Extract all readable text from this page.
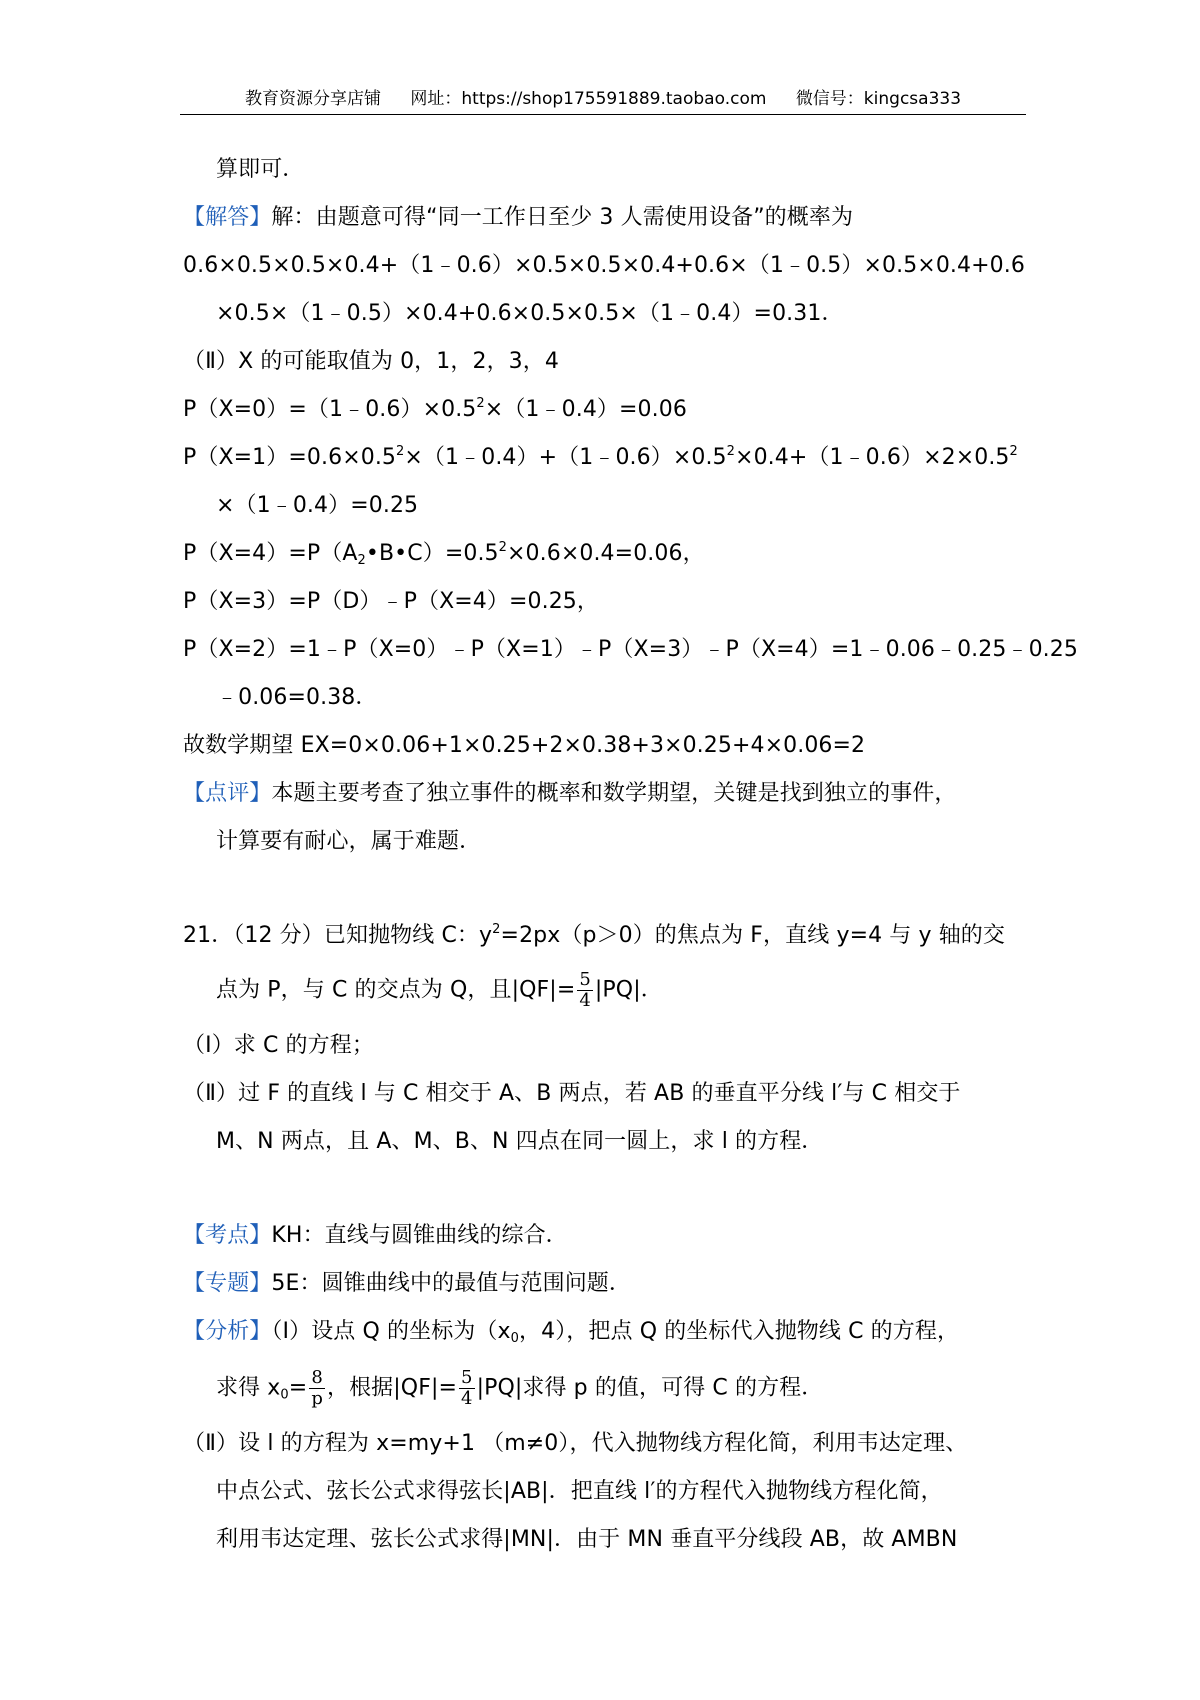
教育资源分享店铺 网址：https://shop175591889.taobao.com 微信号：kingcsa333
算即可．
【解答】解：由题意可得“同一工作日至少 3 人需使用设备”的概率为
0.6×0.5×0.5×0.4+（1﹣0.6）×0.5×0.5×0.4+0.6×（1﹣0.5）×0.5×0.4+0.6
×0.5×（1﹣0.5）×0.4+0.6×0.5×0.5×（1﹣0.4）=0.31．
（Ⅱ）X 的可能取值为 0，1，2，3，4
$P(X=0)=(1﹣0.6)\times 0.5^2\times(1﹣0.4)=0.06$
$P(X=1)=0.6\times 0.5^2\times(1﹣0.4)+(1﹣0.6)\times 0.5^2\times 0.4+(1﹣0.6)\times 2\times 0.5^2$
×（1﹣0.4）=0.25
$P(X=4)=P(A_2•B•C)=0.5^2\times 0.6\times 0.4=0.06$，
P（X=3）=P（D）﹣P（X=4）=0.25，
P（X=2）=1﹣P（X=0）﹣P（X=1）﹣P（X=3）﹣P（X=4）=1﹣0.06﹣0.25﹣0.25
﹣0.06=0.38．
故数学期望 EX=0×0.06+1×0.25+2×0.38+3×0.25+4×0.06=2
【点评】本题主要考查了独立事件的概率和数学期望，关键是找到独立的事件，
计算要有耐心，属于难题．
21．（12 分）已知抛物线 C：$y^2=2px(p>0)$的焦点为 F，直线 y=4 与 y 轴的交
点为 P，与 C 的交点为 Q，且$|QF|= \frac{5}{4} |PQ|$．
（Ⅰ）求 C 的方程；
（Ⅱ）过 F 的直线 l 与 C 相交于 A、B 两点，若 AB 的垂直平分线 l′与 C 相交于
M、N 两点，且 A、M、B、N 四点在同一圆上，求 l 的方程．
【考点】KH：直线与圆锥曲线的综合．
【专题】5E：圆锥曲线中的最值与范围问题．
【分析】（Ⅰ）设点 Q 的坐标为（$x_0$，4），把点 Q 的坐标代入抛物线 C 的方程，
求得 $x_0= \frac{8}{p}$ ，根据$|QF|= \frac{5}{4} |PQ|$求得 p 的值，可得 C 的方程．
（Ⅱ）设 l 的方程为 x=my+1 （m≠0），代入抛物线方程化简，利用韦达定理、
中点公式、弦长公式求得弦长|AB|．把直线 l′的方程代入抛物线方程化简，
利用韦达定理、弦长公式求得|MN|．由于 MN 垂直平分线段 AB，故 AMBN
